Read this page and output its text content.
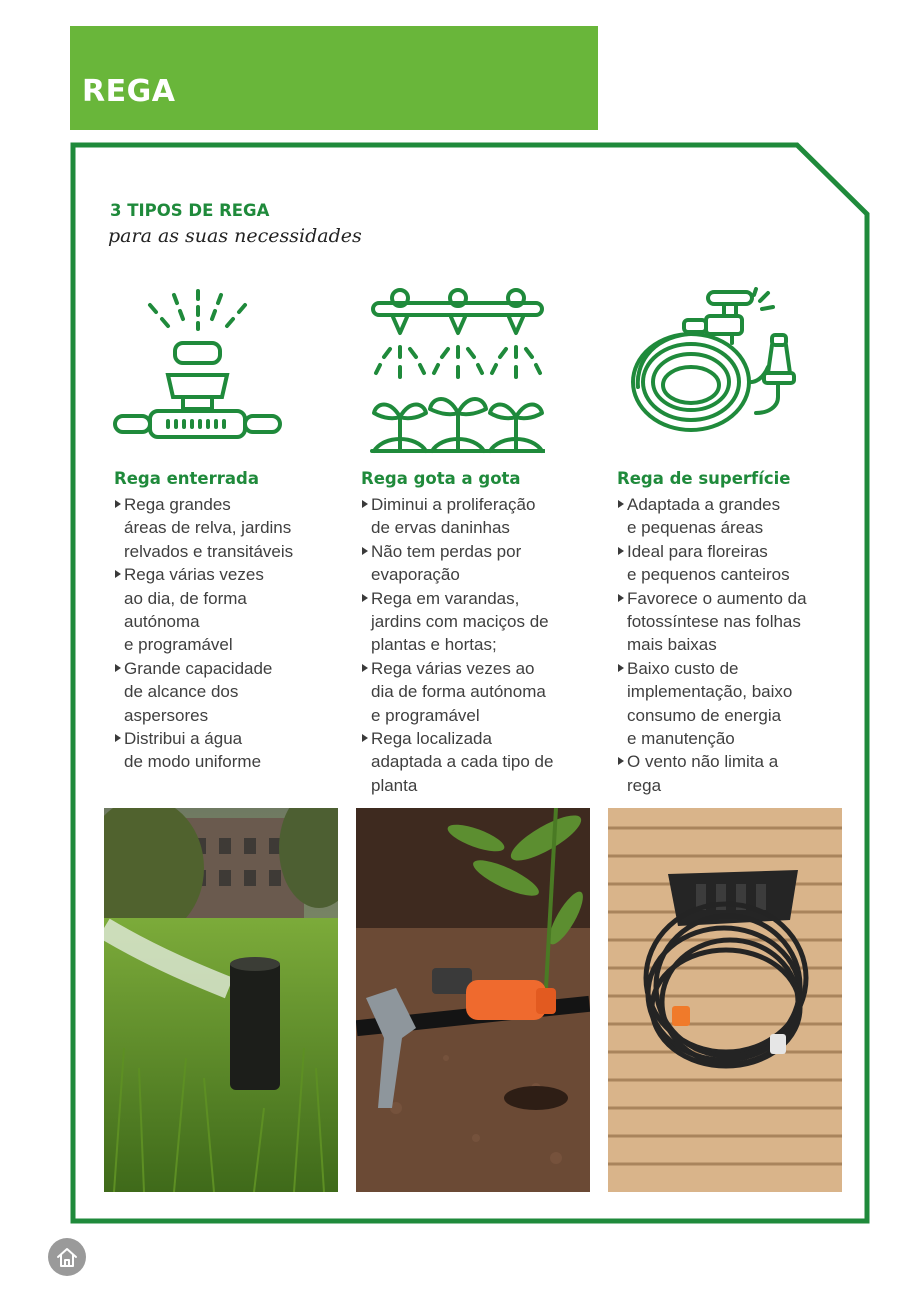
REGA
3 TIPOS DE REGA
para as suas necessidades
Rega enterrada
Rega grandes
áreas de relva, jardins
relvados e transitáveis
Rega várias vezes
ao dia, de forma
autónoma
e programável
Grande capacidade
de alcance dos
aspersores
Distribui a água
de modo uniforme
Rega gota a gota
Diminui a proliferação
de ervas daninhas
Não tem perdas por
evaporação
Rega em varandas,
jardins com maciços de
plantas e hortas;
Rega várias vezes ao
dia de forma autónoma
e programável
Rega localizada
adaptada a cada tipo de
planta
Rega de superfície
Adaptada a grandes
e pequenas áreas
Ideal para floreiras
e pequenos canteiros
Favorece o aumento da
fotossíntese nas folhas
mais baixas
Baixo custo de
implementação, baixo
consumo de energia
e manutenção
O vento não limita a
rega
